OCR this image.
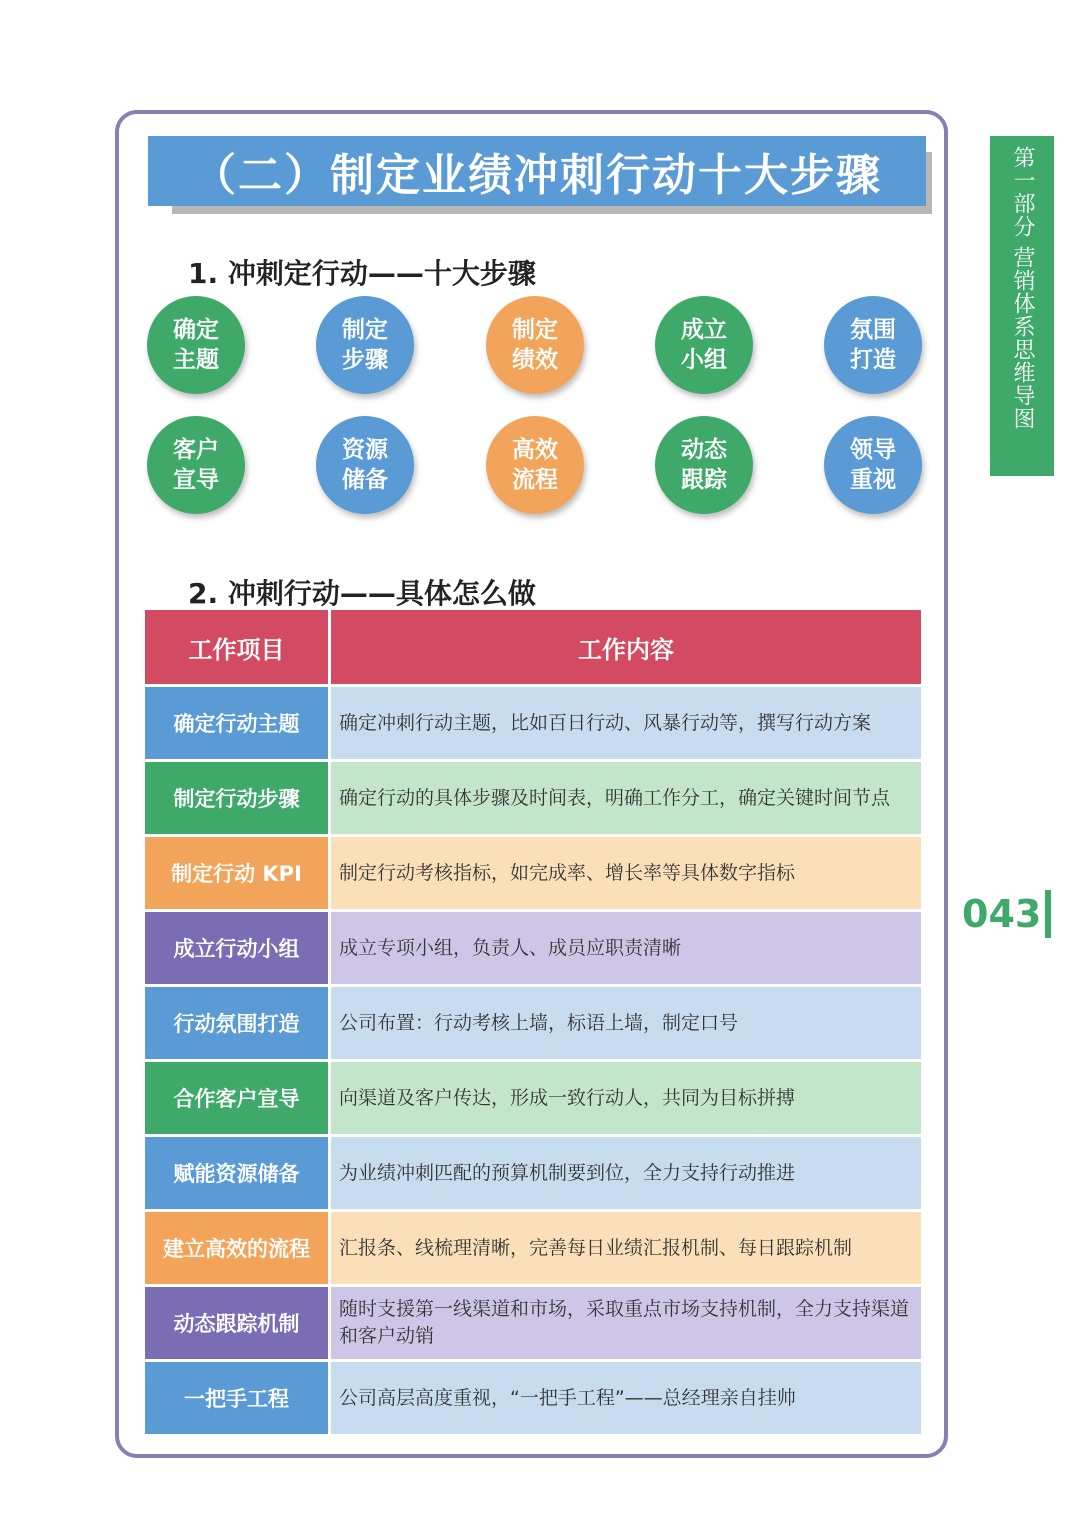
（二）制定业绩冲刺行动十大步骤
1. 冲刺定行动——十大步骤
确定主题
制定步骤
制定绩效
成立小组
氛围打造
客户宣导
资源储备
高效流程
动态跟踪
领导重视
2. 冲刺行动——具体怎么做
工作项目	工作内容
确定行动主题	确定冲刺行动主题，比如百日行动、风暴行动等，撰写行动方案
制定行动步骤	确定行动的具体步骤及时间表，明确工作分工，确定关键时间节点
制定行动 KPI	制定行动考核指标，如完成率、增长率等具体数字指标
成立行动小组	成立专项小组，负责人、成员应职责清晰
行动氛围打造	公司布置：行动考核上墙，标语上墙，制定口号
合作客户宣导	向渠道及客户传达，形成一致行动人，共同为目标拼搏
赋能资源储备	为业绩冲刺匹配的预算机制要到位，全力支持行动推进
建立高效的流程	汇报条、线梳理清晰，完善每日业绩汇报机制、每日跟踪机制
动态跟踪机制	随时支援第一线渠道和市场，采取重点市场支持机制，全力支持渠道和客户动销
一把手工程	公司高层高度重视，“一把手工程”——总经理亲自挂帅
第一部分 营销体系思维导图
043
